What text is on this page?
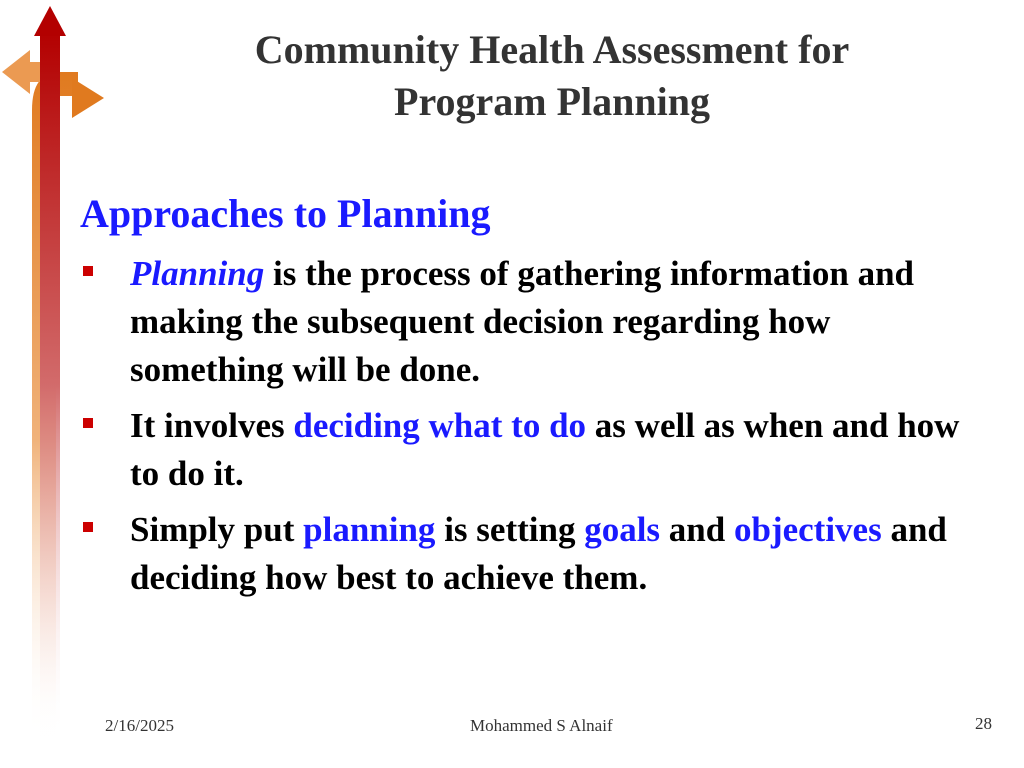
Community Health Assessment for
Program Planning
Approaches to Planning
Planning is the process of gathering information and making the subsequent decision regarding how something will be done.
It involves deciding what to do as well as when and how to do it.
Simply put planning is setting goals and objectives and deciding how best to achieve them.
2/16/2025	Mohammed S Alnaif	28
